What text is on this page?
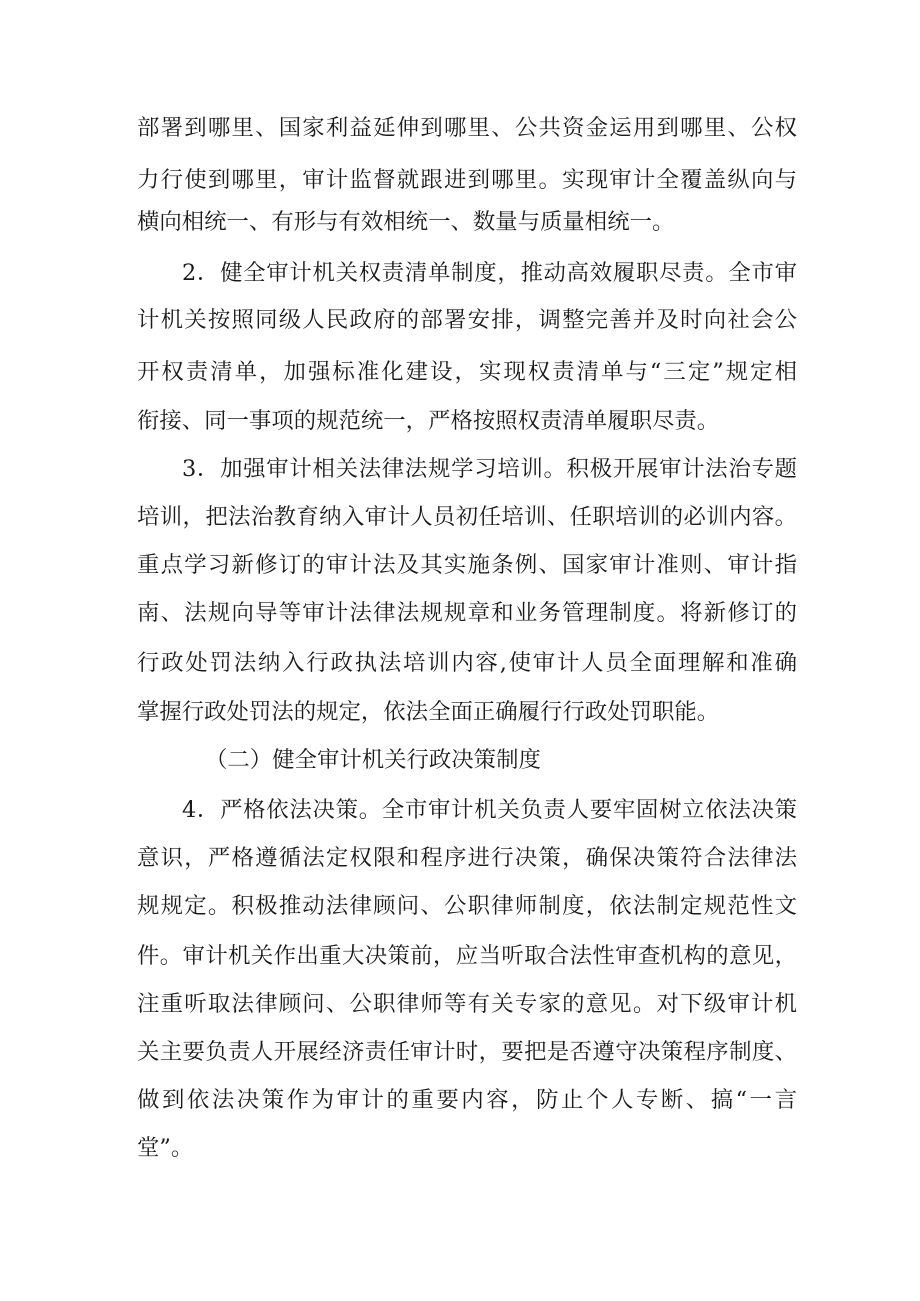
部署到哪里、国家利益延伸到哪里、公共资金运用到哪里、公权
力行使到哪里，审计监督就跟进到哪里。实现审计全覆盖纵向与
横向相统一、有形与有效相统一、数量与质量相统一。
2．健全审计机关权责清单制度，推动高效履职尽责。全市审
计机关按照同级人民政府的部署安排，调整完善并及时向社会公
开权责清单，加强标准化建设，实现权责清单与“三定”规定相
衔接、同一事项的规范统一，严格按照权责清单履职尽责。
3．加强审计相关法律法规学习培训。积极开展审计法治专题
培训，把法治教育纳入审计人员初任培训、任职培训的必训内容。
重点学习新修订的审计法及其实施条例、国家审计准则、审计指
南、法规向导等审计法律法规规章和业务管理制度。将新修订的
行政处罚法纳入行政执法培训内容,使审计人员全面理解和准确
掌握行政处罚法的规定，依法全面正确履行行政处罚职能。
（二）健全审计机关行政决策制度
4．严格依法决策。全市审计机关负责人要牢固树立依法决策
意识，严格遵循法定权限和程序进行决策，确保决策符合法律法
规规定。积极推动法律顾问、公职律师制度，依法制定规范性文
件。审计机关作出重大决策前，应当听取合法性审查机构的意见，
注重听取法律顾问、公职律师等有关专家的意见。对下级审计机
关主要负责人开展经济责任审计时，要把是否遵守决策程序制度、
做到依法决策作为审计的重要内容，防止个人专断、搞“一言
堂”。
